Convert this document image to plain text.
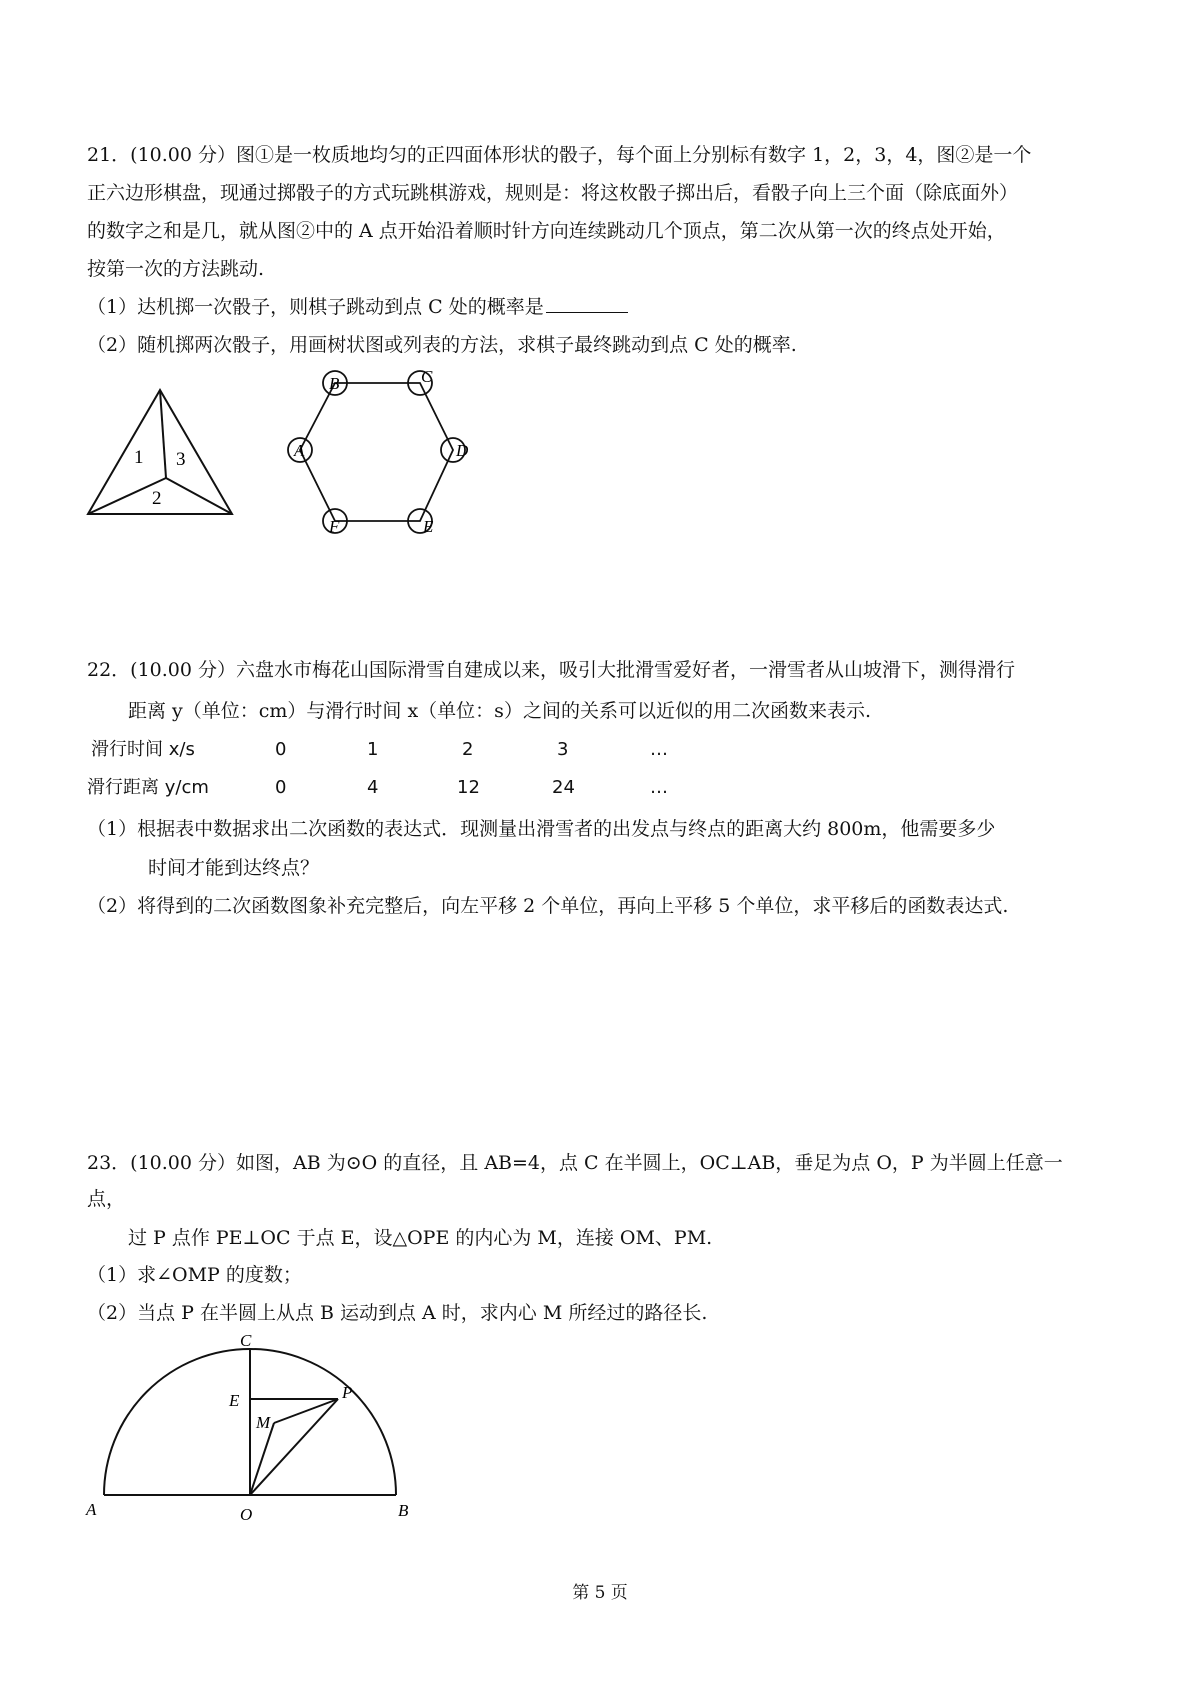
21．(10.00 分）图①是一枚质地均匀的正四面体形状的骰子，每个面上分别标有数字 1，2，3，4，图②是一个
正六边形棋盘，现通过掷骰子的方式玩跳棋游戏，规则是：将这枚骰子掷出后，看骰子向上三个面（除底面外）
的数字之和是几，就从图②中的 A 点开始沿着顺时针方向连续跳动几个顶点，第二次从第一次的终点处开始，
按第一次的方法跳动.
（1）达机掷一次骰子，则棋子跳动到点 C 处的概率是
（2）随机掷两次骰子，用画树状图或列表的方法，求棋子最终跳动到点 C 处的概率.
1 3
2
B	C
A	D
F	E
22．(10.00 分）六盘水市梅花山国际滑雪自建成以来，吸引大批滑雪爱好者，一滑雪者从山坡滑下，测得滑行
距离 y（单位：cm）与滑行时间 x（单位：s）之间的关系可以近似的用二次函数来表示.
滑行时间 x/s	0	1	2	3	…
滑行距离 y/cm	0	4	12	24	…
（1）根据表中数据求出二次函数的表达式．现测量出滑雪者的出发点与终点的距离大约 800m，他需要多少
时间才能到达终点？
（2）将得到的二次函数图象补充完整后，向左平移 2 个单位，再向上平移 5 个单位，求平移后的函数表达式.
23．(10.00 分）如图，AB 为⊙O 的直径，且 AB=4，点 C 在半圆上，OC⊥AB，垂足为点 O，P 为半圆上任意一
点，
过 P 点作 PE⊥OC 于点 E，设△OPE 的内心为 M，连接 OM、PM.
（1）求∠OMP 的度数；
（2）当点 P 在半圆上从点 B 运动到点 A 时，求内心 M 所经过的路径长.
C
E	P
M
A	O	B
第 5 页
